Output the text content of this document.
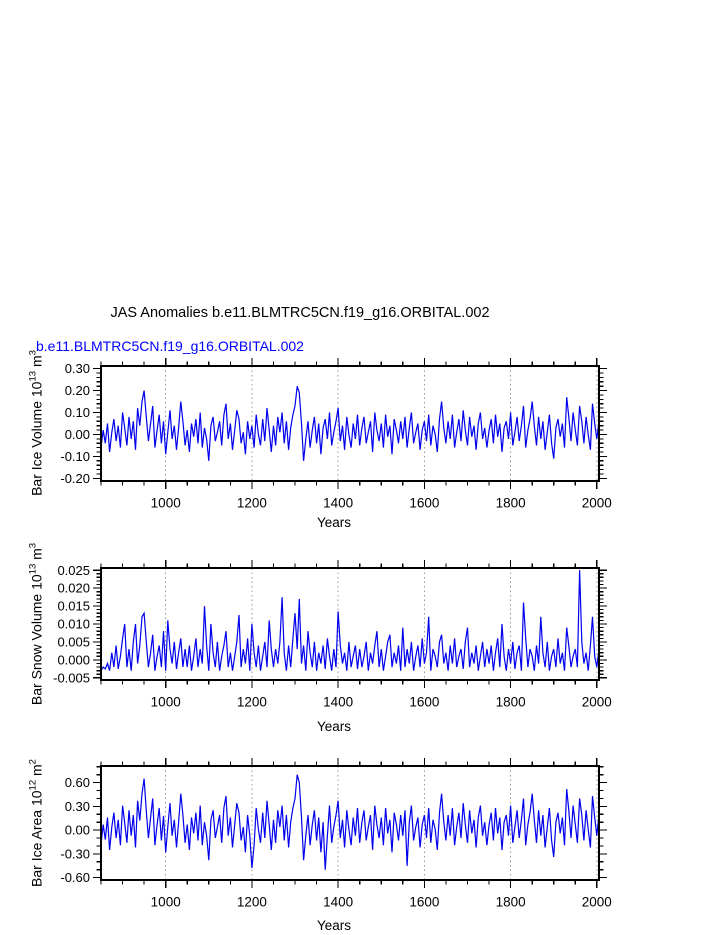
0.30
0.20
0.10
0.00
-0.10
-0.20
1000	1200	1400	1600	1800	2000
0.025
0.020
0.015
0.010
0.005
0.000
-0.005
1000	1200	1400	1600	1800	2000
0.60
0.30
0.00
-0.30
-0.60
1000	1200	1400	1600	1800	2000
JAS Anomalies b.e11.BLMTRC5CN.f19_g16.ORBITAL.002
b.e11.BLMTRC5CN.f19_g16.ORBITAL.002
Bar Ice Volume $10^{13}$ $m^3$
Bar Snow Volume $10^{13}$ $m^3$
Bar Ice Area $10^{12}$ $m^2$
Years
Years
Years
